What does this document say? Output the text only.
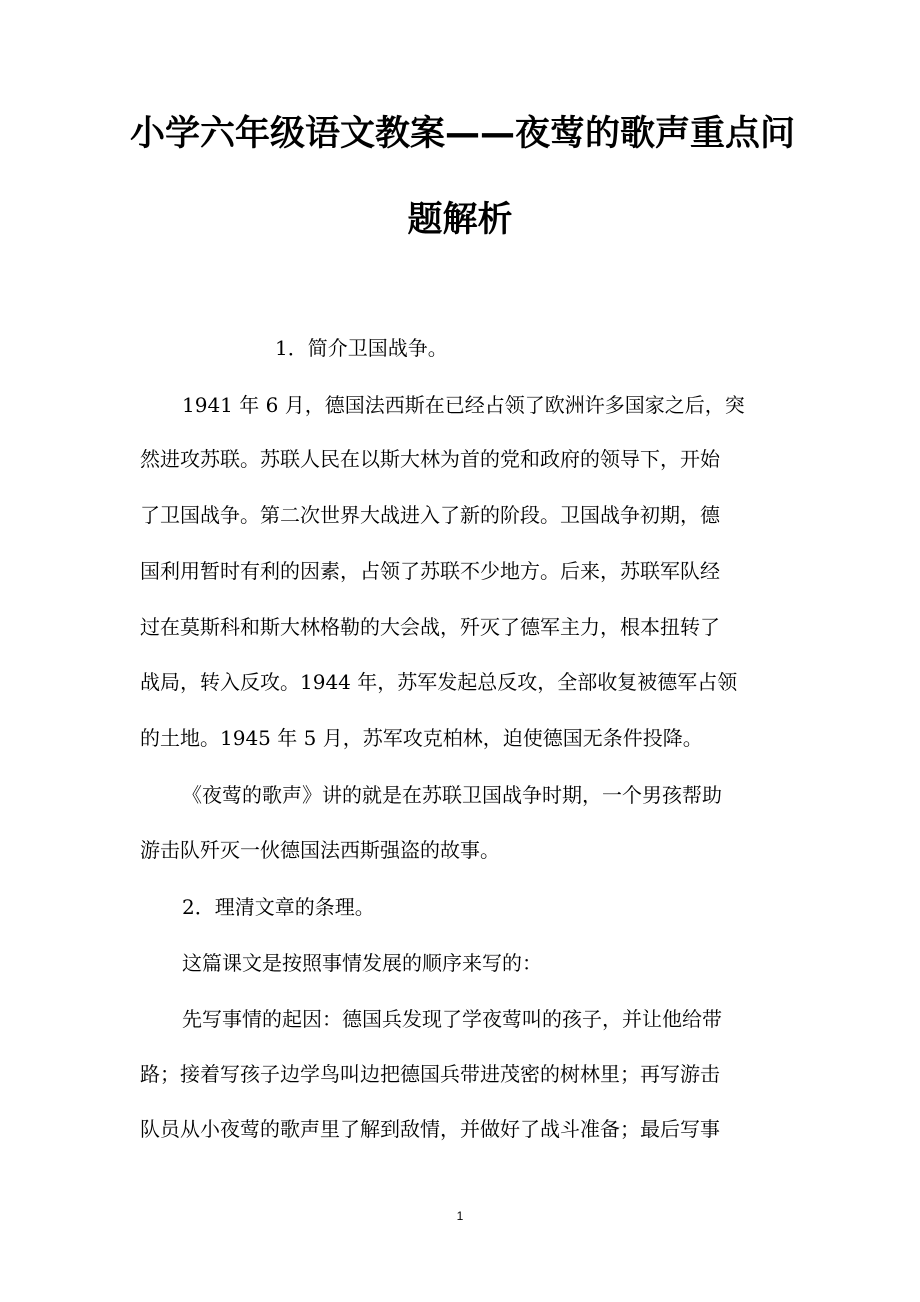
小学六年级语文教案——夜莺的歌声重点问
题解析
1．简介卫国战争。
1941 年 6 月，德国法西斯在已经占领了欧洲许多国家之后，突
然进攻苏联。苏联人民在以斯大林为首的党和政府的领导下，开始
了卫国战争。第二次世界大战进入了新的阶段。卫国战争初期，德
国利用暂时有利的因素，占领了苏联不少地方。后来，苏联军队经
过在莫斯科和斯大林格勒的大会战，歼灭了德军主力，根本扭转了
战局，转入反攻。1944 年，苏军发起总反攻，全部收复被德军占领
的土地。1945 年 5 月，苏军攻克柏林，迫使德国无条件投降。
《夜莺的歌声》讲的就是在苏联卫国战争时期，一个男孩帮助
游击队歼灭一伙德国法西斯强盗的故事。
2．理清文章的条理。
这篇课文是按照事情发展的顺序来写的：
先写事情的起因：德国兵发现了学夜莺叫的孩子，并让他给带
路；接着写孩子边学鸟叫边把德国兵带进茂密的树林里；再写游击
队员从小夜莺的歌声里了解到敌情，并做好了战斗准备；最后写事
1
